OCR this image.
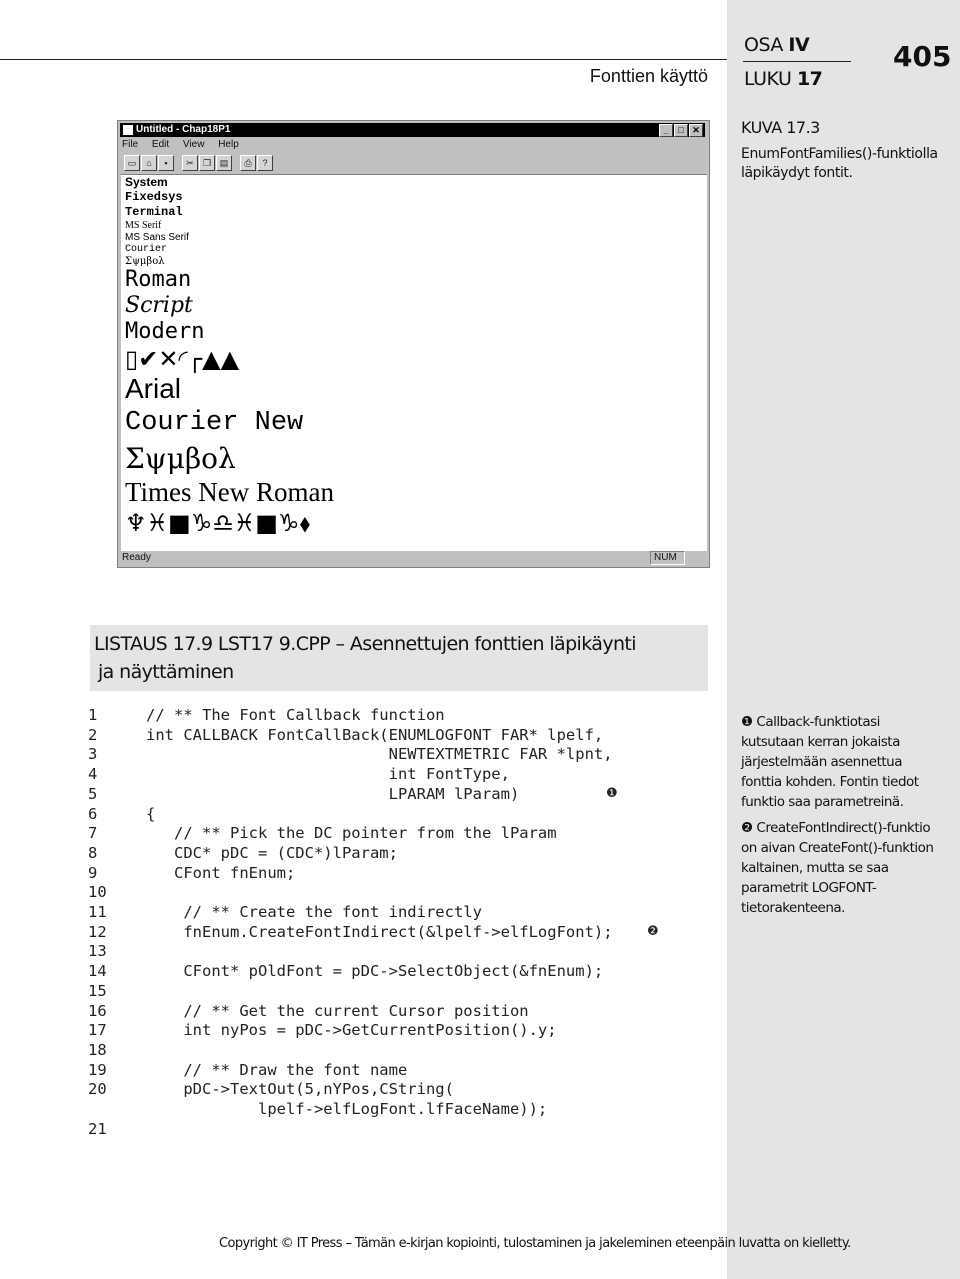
Fonttien käyttö
OSA IV
LUKU 17
405
KUVA 17.3
EnumFontFamilies()-funktiolla läpikäydyt fontit.
Untitled - Chap18P1	_ □ ✕
File Edit View Help
▭	⌂	▪	✂	❐ ▤	⎙	?
System
Fixedsys
Terminal
MS Serif
MS Sans Serif
Courier
Σψμβολ
Roman
Script
Modern
▯✔✕◜┌▲▲
Arial
Courier New
Σψμβολ
Times New Roman
♆♓■♑♎♓■♑⬧
Ready	NUM
LISTAUS 17.9 LST17 9.CPP – Asennettujen fonttien läpikäynti
ja näyttäminen
1	// ** The Font Callback function
2	int CALLBACK FontCallBack(ENUMLOGFONT FAR* lpelf,
3	NEWTEXTMETRIC FAR *lpnt,
4	int FontType,
5	LPARAM lParam)	❶
6	{
7	// ** Pick the DC pointer from the lParam
8	CDC* pDC = (CDC*)lParam;
9	CFont fnEnum;
10
11	// ** Create the font indirectly
12	fnEnum.CreateFontIndirect(&lpelf->elfLogFont);	❷
13
14	CFont* pOldFont = pDC->SelectObject(&fnEnum);
15
16	// ** Get the current Cursor position
17	int nyPos = pDC->GetCurrentPosition().y;
18
19	// ** Draw the font name
20	pDC->TextOut(5,nYPos,CString(
lpelf->elfLogFont.lfFaceName));
21

❶ Callback-funktiotasi kutsutaan kerran jokaista järjestelmään asennettua fonttia kohden. Fontin tiedot funktio saa parametreinä.

❷ CreateFontIndirect()-funktio on aivan CreateFont()-funktion kaltainen, mutta se saa parametrit LOGFONT-tietorakenteena.

Copyright © IT Press – Tämän e-kirjan kopiointi, tulostaminen ja jakeleminen eteenpäin luvatta on kielletty.
